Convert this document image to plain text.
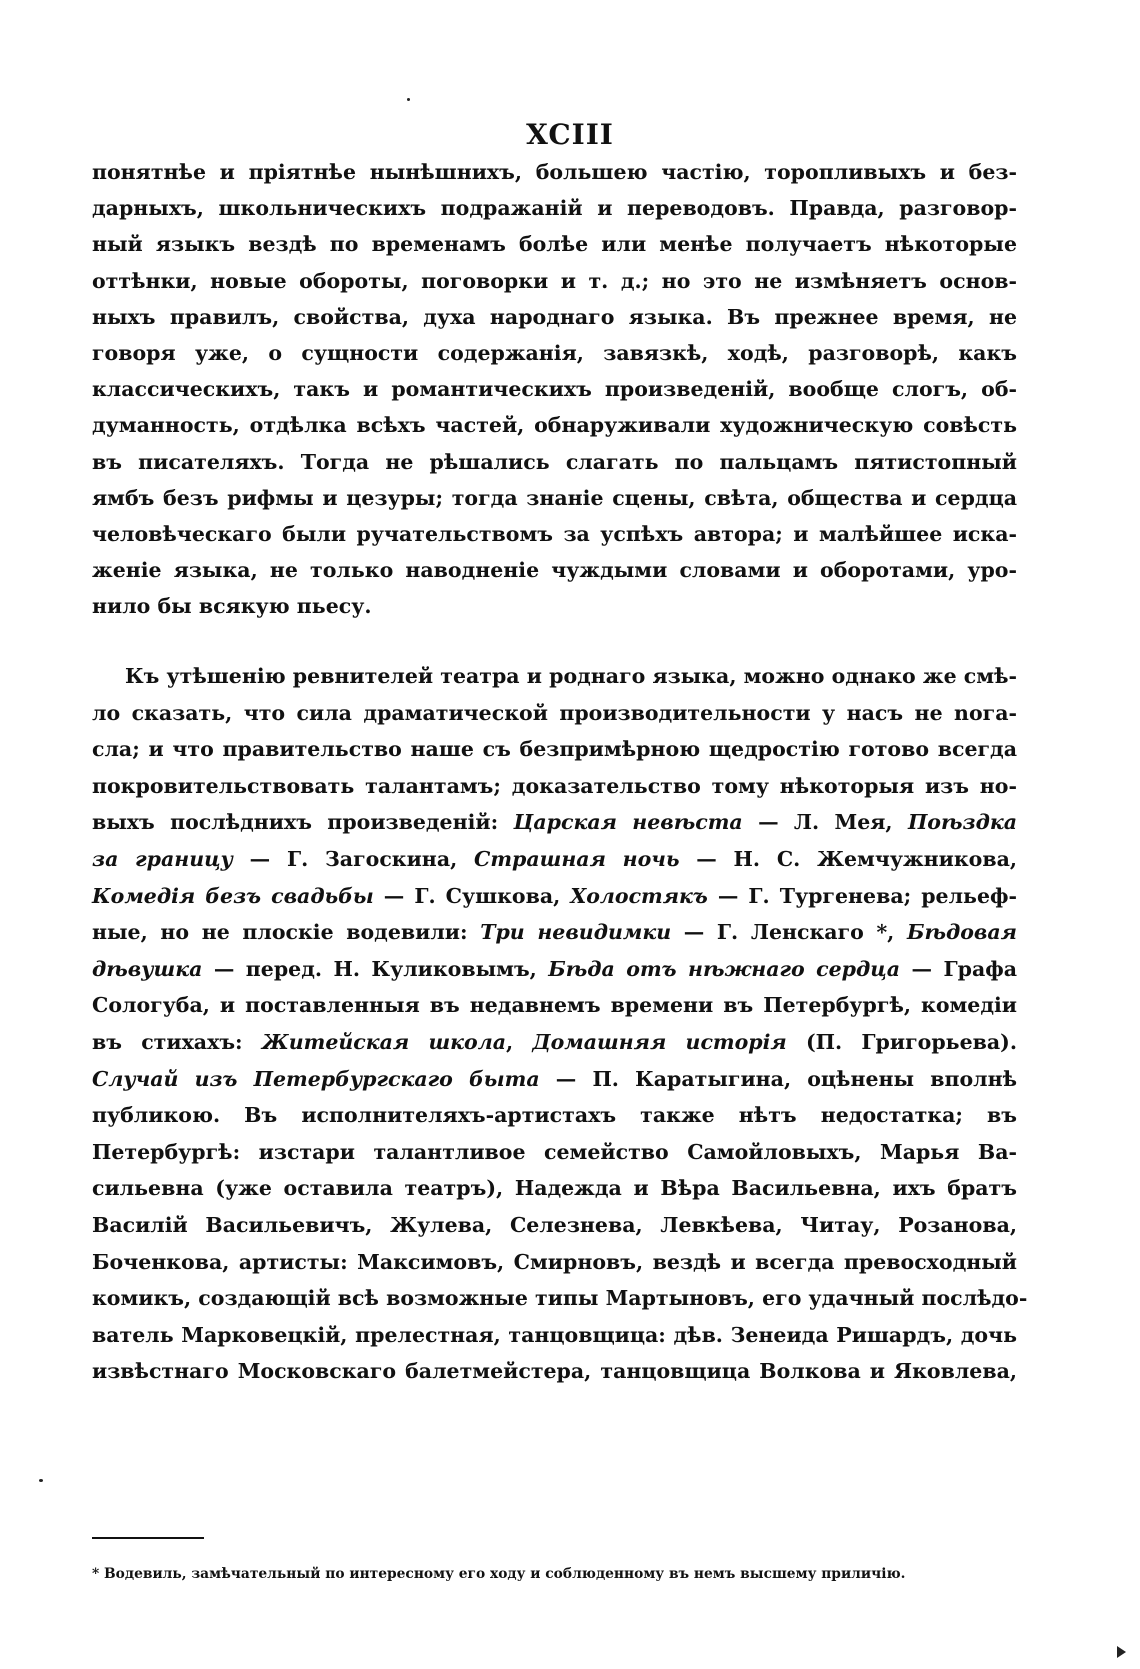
XCIII
понятнѣе и пріятнѣе нынѣшнихъ, большею частію, торопливыхъ и без-
дарныхъ, школьническихъ подражаній и переводовъ. Правда, разговор-
ный языкъ вездѣ по временамъ болѣе или менѣе получаетъ нѣкоторые
оттѣнки, новые обороты, поговорки и т. д.; но это не измѣняетъ основ-
ныхъ правилъ, свойства, духа народнаго языка. Въ прежнее время, не
говоря уже, о сущности содержанія, завязкѣ, ходѣ, разговорѣ, какъ
классическихъ, такъ и романтическихъ произведеній, вообще слогъ, об-
думанность, отдѣлка всѣхъ частей, обнаруживали художническую совѣсть
въ писателяхъ. Тогда не рѣшались слагать по пальцамъ пятистопный
ямбъ безъ рифмы и цезуры; тогда знаніе сцены, свѣта, общества и сердца
человѣческаго были ручательствомъ за успѣхъ автора; и малѣйшее иска-
женіе языка, не только наводненіе чуждыми словами и оборотами, уро-
нило бы всякую пьесу.
Къ утѣшенію ревнителей театра и роднаго языка, можно однако же смѣ-
ло сказать, что сила драматической производительности у насъ не noга-
сла; и что правительство наше съ безпримѣрною щедростію готово всегда
покровительствовать талантамъ; доказательство тому нѣкоторыя изъ но-
выхъ послѣднихъ произведеній: Царская невѣста — Л. Мея, Поѣздка
за границу — Г. Загоскина, Страшная ночь — Н. С. Жемчужникова,
Комедія безъ свадьбы — Г. Сушкова, Холостякъ — Г. Тургенева; рельеф-
ные, но не плоскіе водевили: Три невидимки — Г. Ленскаго *, Бѣдовая
дѣвушка — перед. Н. Куликовымъ, Бѣда отъ нѣжнаго сердца — Графа
Сологуба, и поставленныя въ недавнемъ времени въ Петербургѣ, комедіи
въ стихахъ: Житейская школа, Домашняя исторія (П. Григорьева).
Случай изъ Петербургскаго быта — П. Каратыгина, оцѣнены вполнѣ
публикою. Въ исполнителяхъ-артистахъ также нѣтъ недостатка; въ
Петербургѣ: изстари талантливое семейство Самойловыхъ, Марья Ва-
сильевна (уже оставила театръ), Надежда и Вѣра Васильевна, ихъ братъ
Василій Васильевичъ, Жулева, Селезнева, Левкѣева, Читау, Розанова,
Боченкова, артисты: Максимовъ, Смирновъ, вездѣ и всегда превосходный
комикъ, создающій всѣ возможные типы Мартыновъ, его удачный послѣдо-
ватель Марковецкій, прелестная, танцовщица: дѣв. Зенеида Ришардъ, дочь
извѣстнаго Московскаго балетмейстера, танцовщица Волкова и Яковлева,
* Водевиль, замѣчательный по интересному его ходу и соблюденному въ немъ высшему приличію.
